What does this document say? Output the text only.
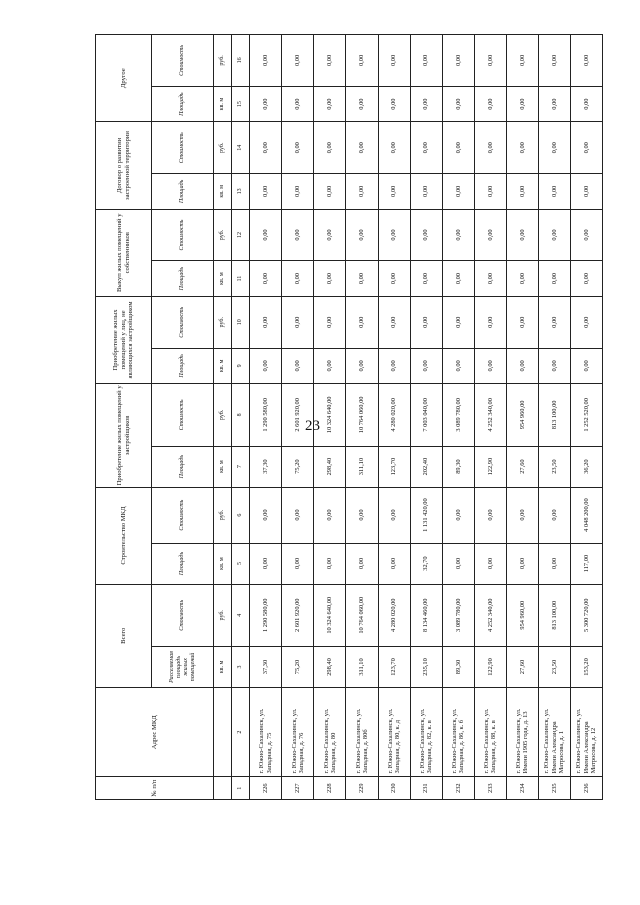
23
№ п/п	Адрес МКД	Всего		Строительство МКД		Приобретение жилых помещений у застройщиков		Приобретение жилых помещений у лиц, не являющихся застройщиком		Выкуп жилых помещений у собственников		Договор о развитии застроенной территории		Другое	
		Расселяемая площадь жилых помещений	Стоимость	Площадь	Стоимость	Площадь	Стоимость	Площадь	Стоимость	Площадь	Стоимость	Площадь	Стоимость	Площадь	Стоимость
		кв. м	руб.	кв. м	руб.	кв. м	руб.	кв. м	руб.	кв. м	руб.	кв. м	руб.	кв. м	руб.
1	2	3	4	5	6	7	8	9	10	11	12	13	14	15	16
226	г. Южно-Сахалинск, ул. Западная, д. 75	37,30	1 290 580,00	0,00	0,00	37,30	1 290 580,00	0,00	0,00	0,00	0,00	0,00	0,00	0,00	0,00
227	г. Южно-Сахалинск, ул. Западная, д. 76	75,20	2 601 920,00	0,00	0,00	75,20	2 601 920,00	0,00	0,00	0,00	0,00	0,00	0,00	0,00	0,00
228	г. Южно-Сахалинск, ул. Западная, д. 80	298,40	10 324 640,00	0,00	0,00	298,40	10 324 640,00	0,00	0,00	0,00	0,00	0,00	0,00	0,00	0,00
229	г. Южно-Сахалинск, ул. Западная, д. 80б	311,10	10 764 060,00	0,00	0,00	311,10	10 764 060,00	0,00	0,00	0,00	0,00	0,00	0,00	0,00	0,00
230	г. Южно-Сахалинск, ул. Западная, д. 80, к. д	123,70	4 280 020,00	0,00	0,00	123,70	4 280 020,00	0,00	0,00	0,00	0,00	0,00	0,00	0,00	0,00
231	г. Южно-Сахалинск, ул. Западная, д. 82, к. в	235,10	8 134 460,00	32,70	1 131 420,00	202,40	7 003 040,00	0,00	0,00	0,00	0,00	0,00	0,00	0,00	0,00
232	г. Южно-Сахалинск, ул. Западная, д. 86, к. б	89,30	3 089 780,00	0,00	0,00	89,30	3 089 780,00	0,00	0,00	0,00	0,00	0,00	0,00	0,00	0,00
233	г. Южно-Сахалинск, ул. Западная, д. 88, к. в	122,90	4 252 340,00	0,00	0,00	122,90	4 252 340,00	0,00	0,00	0,00	0,00	0,00	0,00	0,00	0,00
234	г. Южно-Сахалинск, ул. Имени 1905 года, д. 13	27,60	954 960,00	0,00	0,00	27,60	954 960,00	0,00	0,00	0,00	0,00	0,00	0,00	0,00	0,00
235	г. Южно-Сахалинск, ул. Имени Александра Матросова, д. 1	23,50	813 100,00	0,00	0,00	23,50	813 100,00	0,00	0,00	0,00	0,00	0,00	0,00	0,00	0,00
236	г. Южно-Сахалинск, ул. Имени Александра Матросова, д. 12	153,20	5 300 720,00	117,00	4 048 200,00	36,20	1 252 520,00	0,00	0,00	0,00	0,00	0,00	0,00	0,00	0,00
